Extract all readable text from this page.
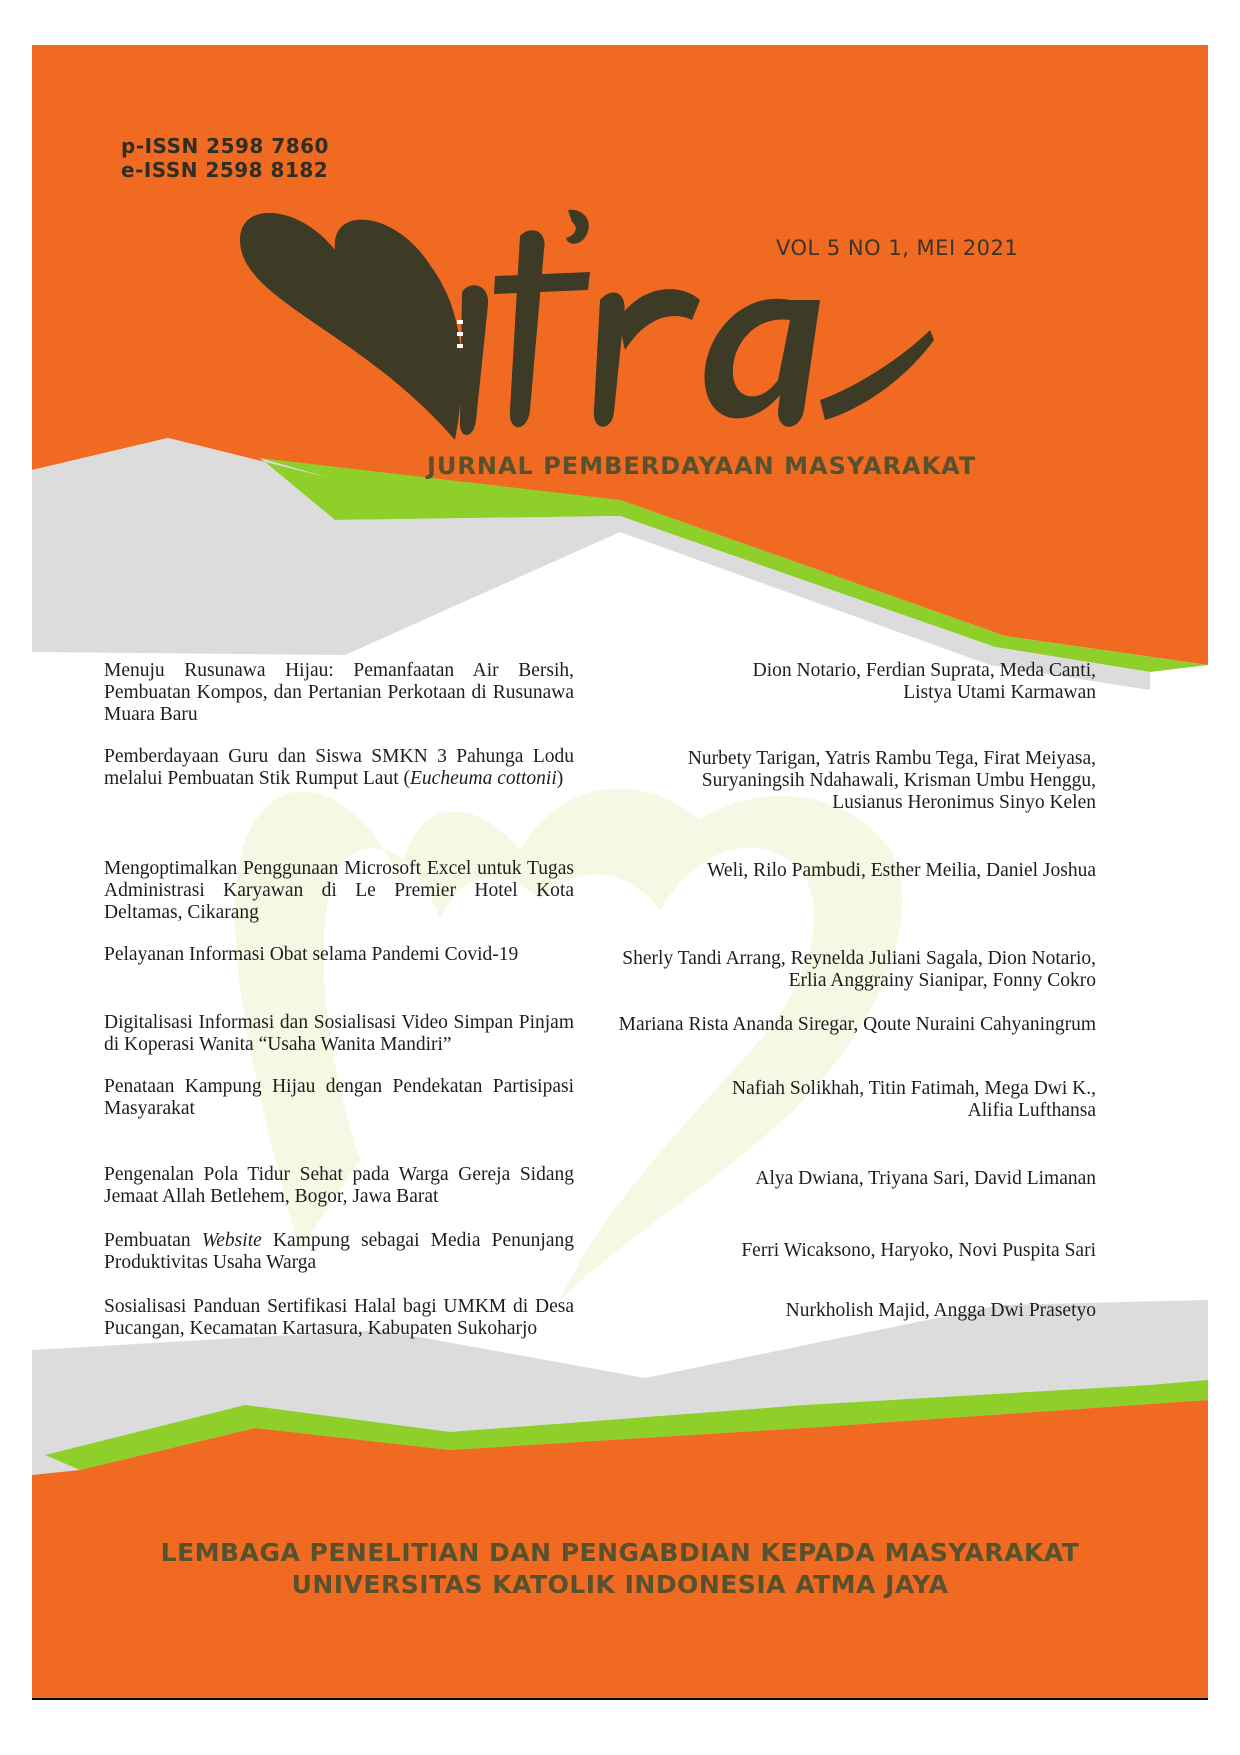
p-ISSN 2598 7860
e-ISSN 2598 8182
VOL 5 NO 1, MEI 2021
JURNAL PEMBERDAYAAN MASYARAKAT
Menuju Rusunawa Hijau: Pemanfaatan Air Bersih, Pembuatan Kompos, dan Pertanian Perkotaan di Rusunawa Muara Baru
Dion Notario, Ferdian Suprata, Meda Canti,
Listya Utami Karmawan
Pemberdayaan Guru dan Siswa SMKN 3 Pahunga Lodu melalui Pembuatan Stik Rumput Laut (Eucheuma cottonii)
Nurbety Tarigan, Yatris Rambu Tega, Firat Meiyasa,
Suryaningsih Ndahawali, Krisman Umbu Henggu,
Lusianus Heronimus Sinyo Kelen
Mengoptimalkan Penggunaan Microsoft Excel untuk Tugas Administrasi Karyawan di Le Premier Hotel Kota Deltamas, Cikarang
Weli, Rilo Pambudi, Esther Meilia, Daniel Joshua
Pelayanan Informasi Obat selama Pandemi Covid-19	Sherly Tandi Arrang, Reynelda Juliani Sagala, Dion Notario,
Erlia Anggrainy Sianipar, Fonny Cokro
Digitalisasi Informasi dan Sosialisasi Video Simpan Pinjam di Koperasi Wanita “Usaha Wanita Mandiri”
Mariana Rista Ananda Siregar, Qoute Nuraini Cahyaningrum
Penataan Kampung Hijau dengan Pendekatan Partisipasi Masyarakat
Nafiah Solikhah, Titin Fatimah, Mega Dwi K.,
Alifia Lufthansa
Pengenalan Pola Tidur Sehat pada Warga Gereja Sidang Jemaat Allah Betlehem, Bogor, Jawa Barat
Alya Dwiana, Triyana Sari, David Limanan
Pembuatan Website Kampung sebagai Media Penunjang Produktivitas Usaha Warga
Ferri Wicaksono, Haryoko, Novi Puspita Sari
Sosialisasi Panduan Sertifikasi Halal bagi UMKM di Desa Pucangan, Kecamatan Kartasura, Kabupaten Sukoharjo
Nurkholish Majid, Angga Dwi Prasetyo
LEMBAGA PENELITIAN DAN PENGABDIAN KEPADA MASYARAKAT
UNIVERSITAS KATOLIK INDONESIA ATMA JAYA
